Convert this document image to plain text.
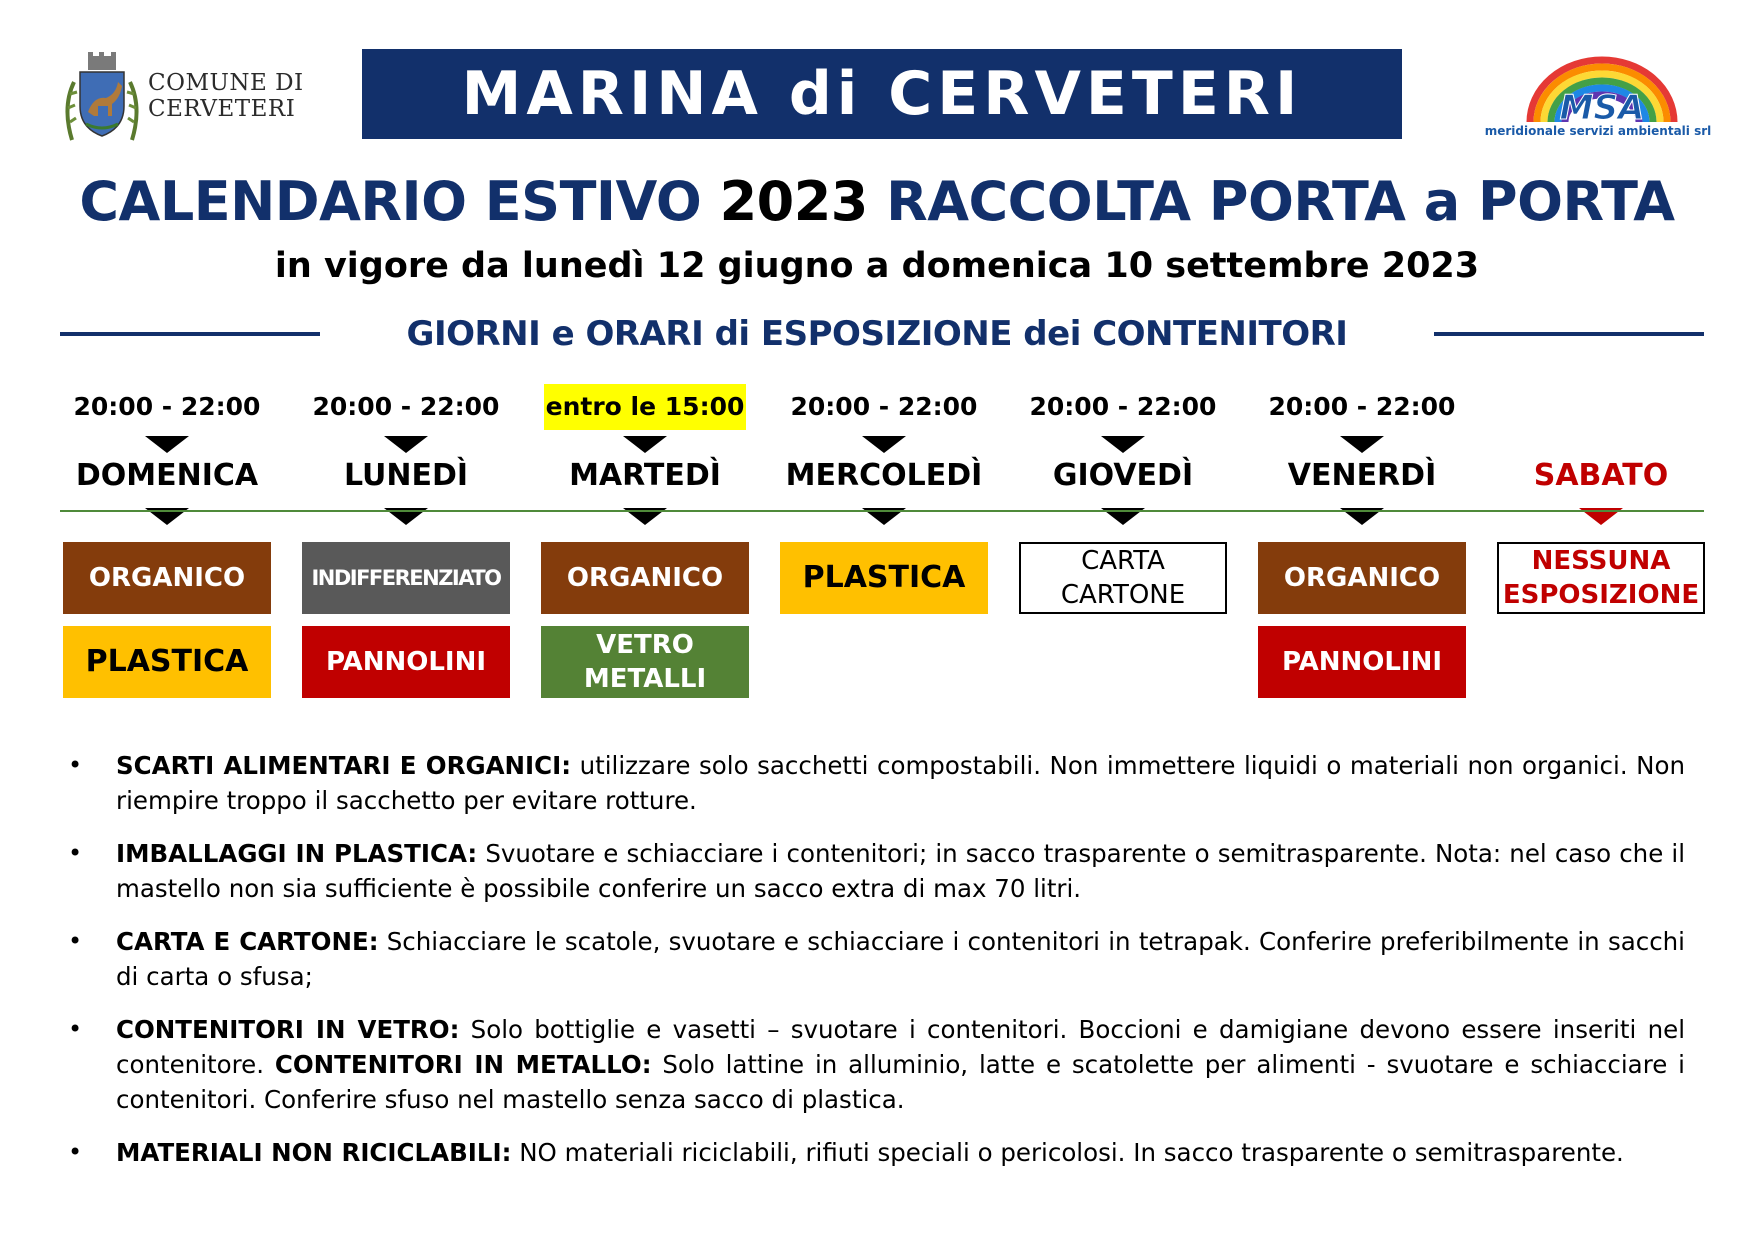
COMUNE DI
CERVETERI	MARINA di CERVETERI	MSA
meridionale servizi ambientali srl
CALENDARIO ESTIVO 2023 RACCOLTA PORTA a PORTA
in vigore da lunedì 12 giugno a domenica 10 settembre 2023
GIORNI e ORARI di ESPOSIZIONE dei CONTENITORI
20:00 - 22:00
DOMENICA
ORGANICO
PLASTICA
20:00 - 22:00
LUNEDÌ
INDIFFERENZIATO
PANNOLINI
entro le 15:00
MARTEDÌ
ORGANICO
VETRO
METALLI
20:00 - 22:00
MERCOLEDÌ
PLASTICA
20:00 - 22:00
GIOVEDÌ
CARTA
CARTONE
20:00 - 22:00
VENERDÌ
ORGANICO
PANNOLINI
SABATO
NESSUNA
ESPOSIZIONE
• SCARTI ALIMENTARI E ORGANICI: utilizzare solo sacchetti compostabili. Non immettere liquidi o materiali non organici. Non riempire troppo il sacchetto per evitare rotture.
• IMBALLAGGI IN PLASTICA: Svuotare e schiacciare i contenitori; in sacco trasparente o semitrasparente. Nota: nel caso che il mastello non sia sufficiente è possibile conferire un sacco extra di max 70 litri.
• CARTA E CARTONE: Schiacciare le scatole, svuotare e schiacciare i contenitori in tetrapak. Conferire preferibilmente in sacchi di carta o sfusa;
• CONTENITORI IN VETRO: Solo bottiglie e vasetti – svuotare i contenitori. Boccioni e damigiane devono essere inseriti nel contenitore. CONTENITORI IN METALLO: Solo lattine in alluminio, latte e scatolette per alimenti - svuotare e schiacciare i contenitori. Conferire sfuso nel mastello senza sacco di plastica.
• MATERIALI NON RICICLABILI: NO materiali riciclabili, rifiuti speciali o pericolosi. In sacco trasparente o semitrasparente.
